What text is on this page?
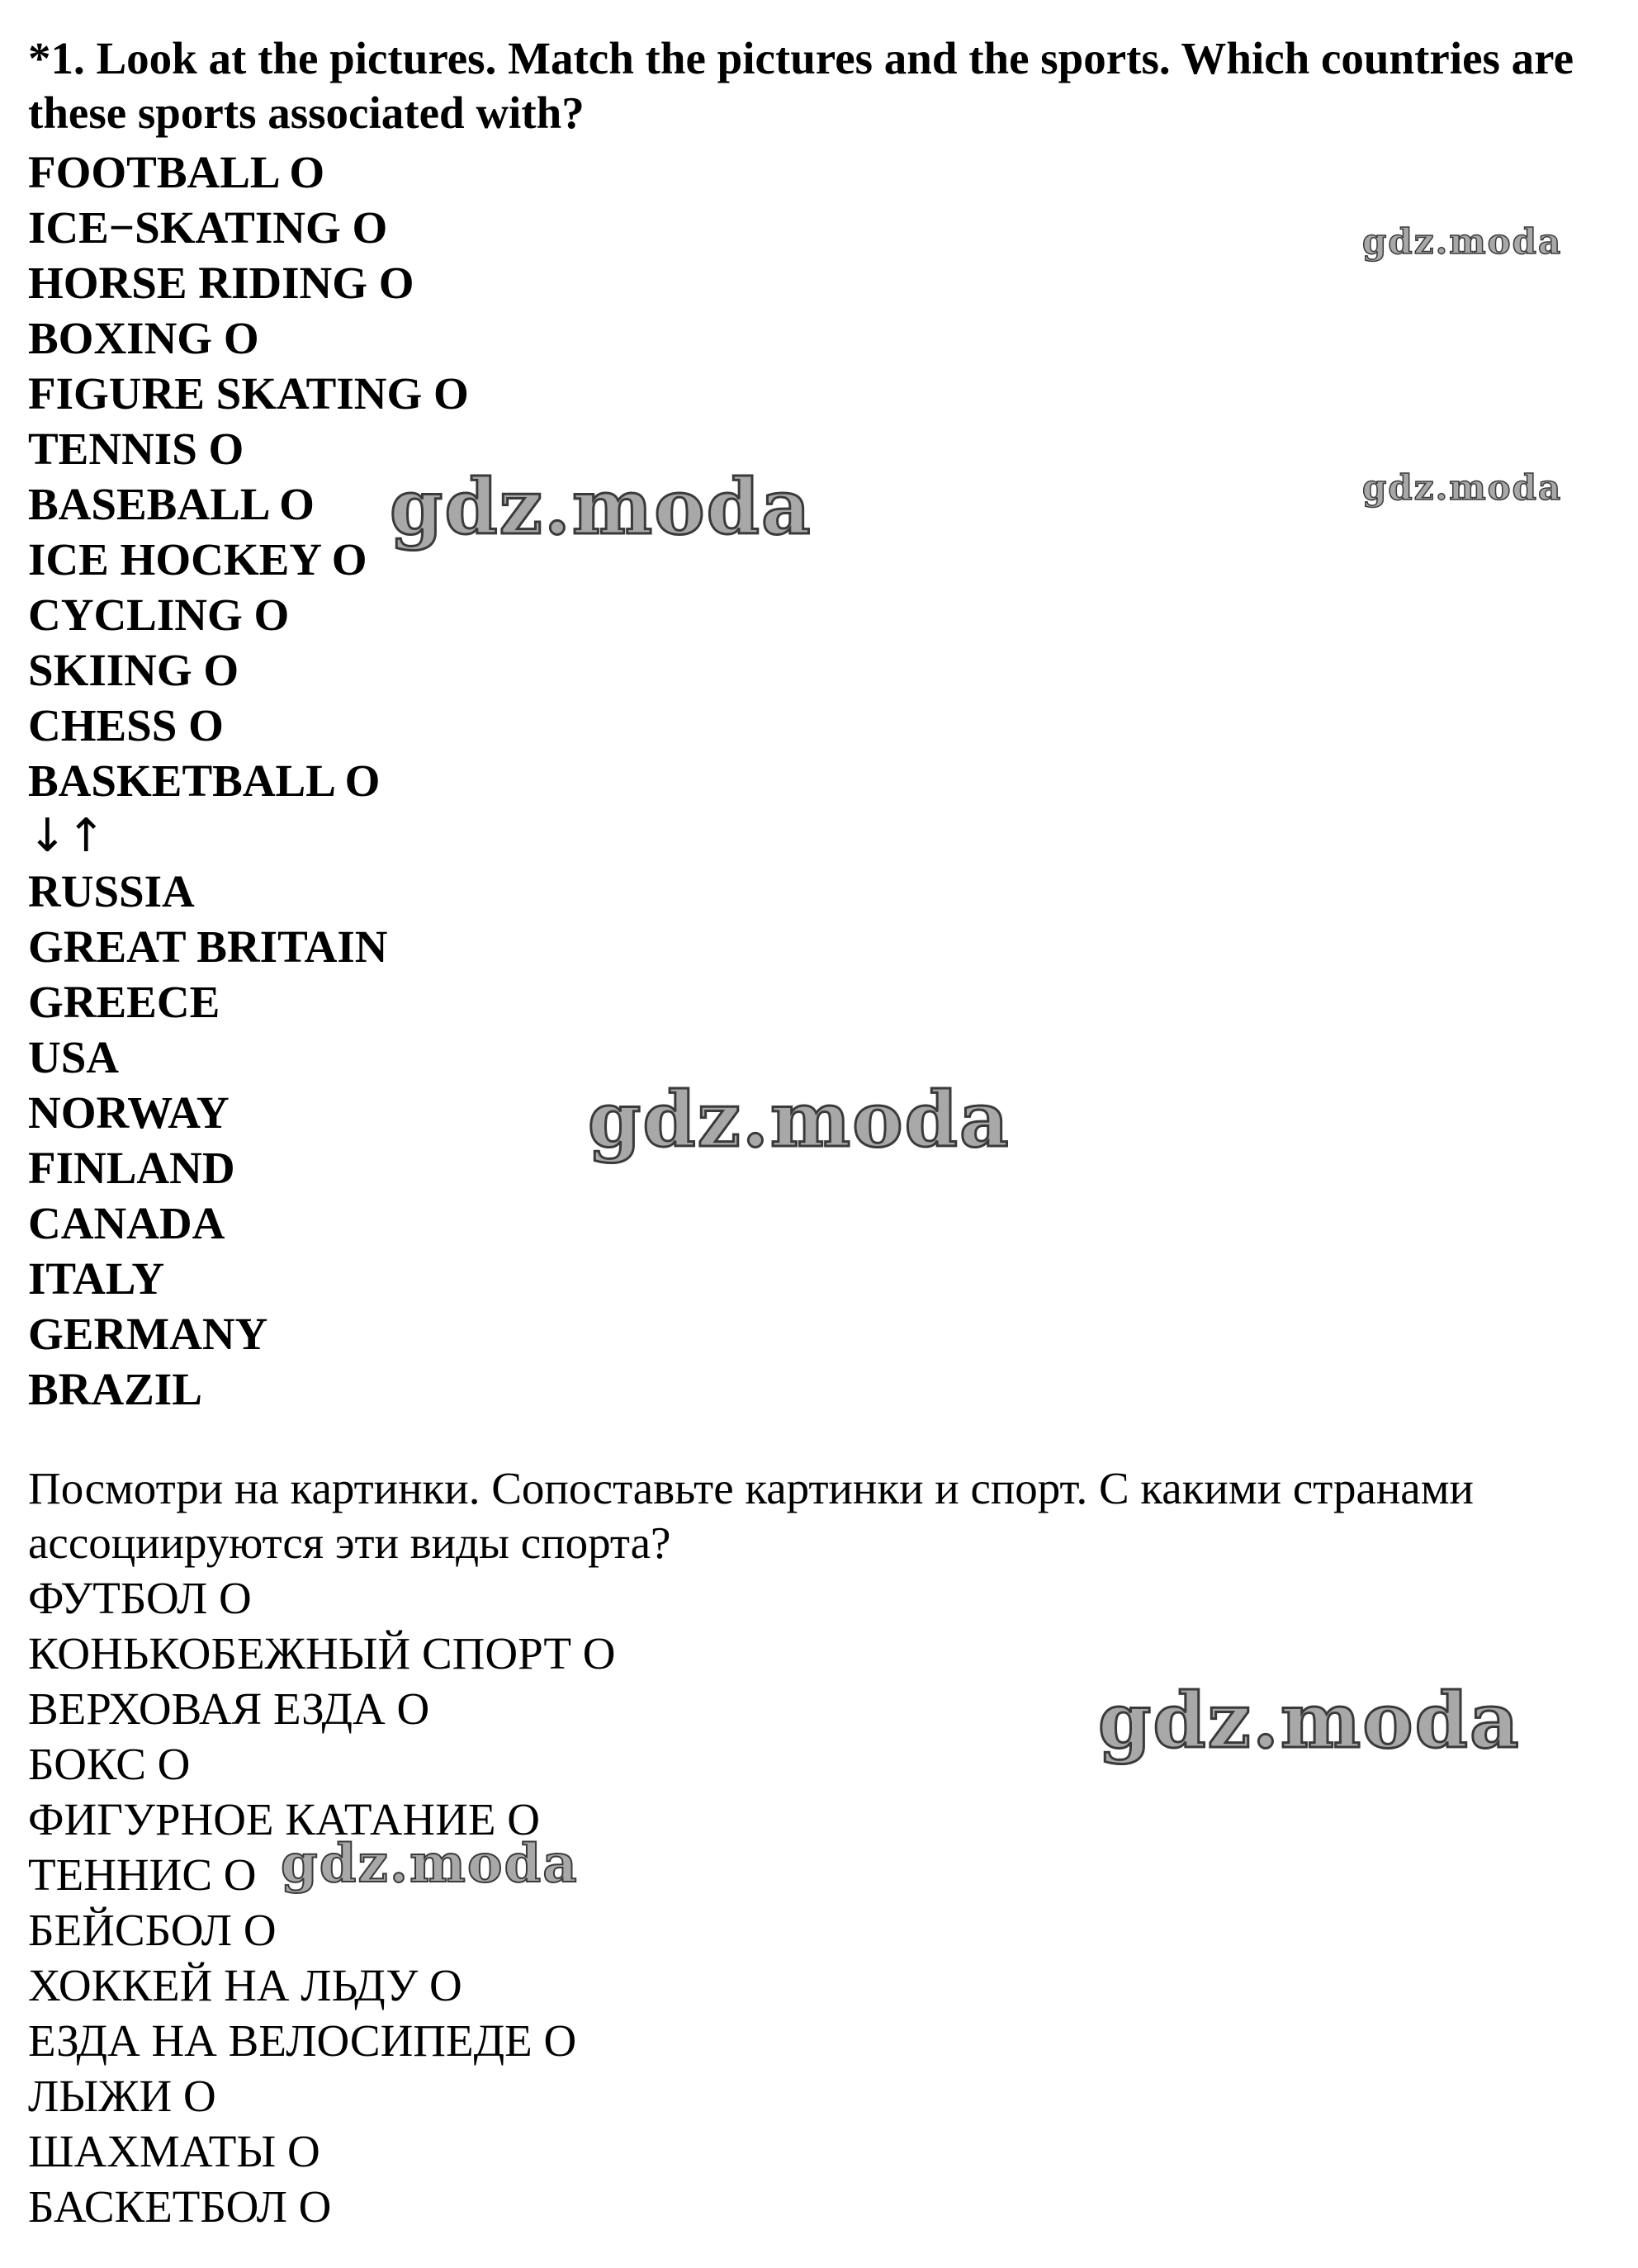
*1. Look at the pictures. Match the pictures and the sports. Which countries are these sports associated with?
FOOTBALL O
ICE−SKATING O
HORSE RIDING O
BOXING O
FIGURE SKATING O
TENNIS O
BASEBALL O
ICE HOCKEY O
CYCLING O
SKIING O
CHESS O
BASKETBALL O
↓↑
RUSSIA
GREAT BRITAIN
GREECE
USA
NORWAY
FINLAND
CANADA
ITALY
GERMANY
BRAZIL
Посмотри на картинки. Сопоставьте картинки и спорт. С какими странами ассоциируются эти виды спорта?
ФУТБОЛ O
КОНЬКОБЕЖНЫЙ СПОРТ O
ВЕРХОВАЯ ЕЗДА O
БОКС O
ФИГУРНОЕ КАТАНИЕ O
ТЕННИС O
БЕЙСБОЛ O
ХОККЕЙ НА ЛЬДУ O
ЕЗДА НА ВЕЛОСИПЕДЕ O
ЛЫЖИ O
ШАХМАТЫ O
БАСКЕТБОЛ O
gdz.moda
gdz.moda
gdz.moda
gdz.moda
gdz.moda
gdz.moda
